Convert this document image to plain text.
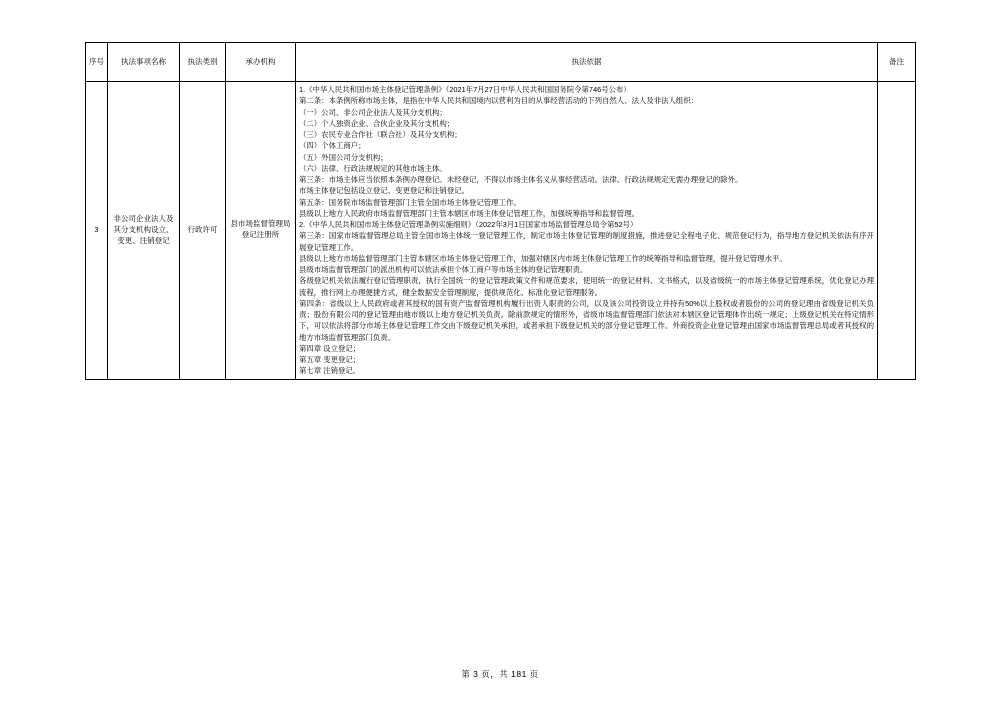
序号	执法事项名称	执法类别	承办机构	执法依据	备注
3	非公司企业法人及其分支机构设立、变更、注销登记	行政许可	县市场监督管理局登记注册所	
1.《中华人民共和国市场主体登记管理条例》（2021年7月27日中华人民共和国国务院令第746号公布）
第二条：本条例所称市场主体，是指在中华人民共和国境内以营利为目的从事经营活动的下列自然人、法人及非法人组织：
（一）公司、非公司企业法人及其分支机构；
（二）个人独资企业、合伙企业及其分支机构；
（三）农民专业合作社（联合社）及其分支机构；
（四）个体工商户；
（五）外国公司分支机构；
（六）法律、行政法规规定的其他市场主体。
第三条：市场主体应当依照本条例办理登记。未经登记，不得以市场主体名义从事经营活动。法律、行政法规规定无需办理登记的除外。
市场主体登记包括设立登记、变更登记和注销登记。
第五条：国务院市场监督管理部门主管全国市场主体登记管理工作。
县级以上地方人民政府市场监督管理部门主管本辖区市场主体登记管理工作，加强统筹指导和监督管理。
2.《中华人民共和国市场主体登记管理条例实施细则》（2022年3月1日国家市场监督管理总局令第52号）
第三条：国家市场监督管理总局主管全国市场主体统一登记管理工作，制定市场主体登记管理的制度措施，推进登记全程电子化、规范登记行为，指导地方登记机关依法有序开展登记管理工作。
县级以上地方市场监督管理部门主管本辖区市场主体登记管理工作，加强对辖区内市场主体登记管理工作的统筹指导和监督管理，提升登记管理水平。
县级市场监督管理部门的派出机构可以依法承担个体工商户等市场主体的登记管理职责。
各级登记机关依法履行登记管理职责，执行全国统一的登记管理政策文件和规范要求，使用统一的登记材料、文书格式，以及省级统一的市场主体登记管理系统，优化登记办理流程，推行网上办理便捷方式，健全数据安全管理制度，提供规范化、标准化登记管理服务。
第四条：省级以上人民政府或者其授权的国有资产监督管理机构履行出资人职责的公司，以及该公司投资设立并持有50%以上股权或者股份的公司的登记理由省级登记机关负责；股份有限公司的登记管理由地市级以上地方登记机关负责。除前款规定的情形外，省级市场监督管理部门依法对本辖区登记管理体作出统一规定；上级登记机关在特定情形下，可以依法将部分市场主体登记管理工作交由下级登记机关承担，或者承担下级登记机关的部分登记管理工作。外商投资企业登记管理由国家市场监督管理总局或者其授权的地方市场监督管理部门负责。
第四章 设立登记；
第五章 变更登记；
第七章 注销登记。

第 3 页，共 181 页
